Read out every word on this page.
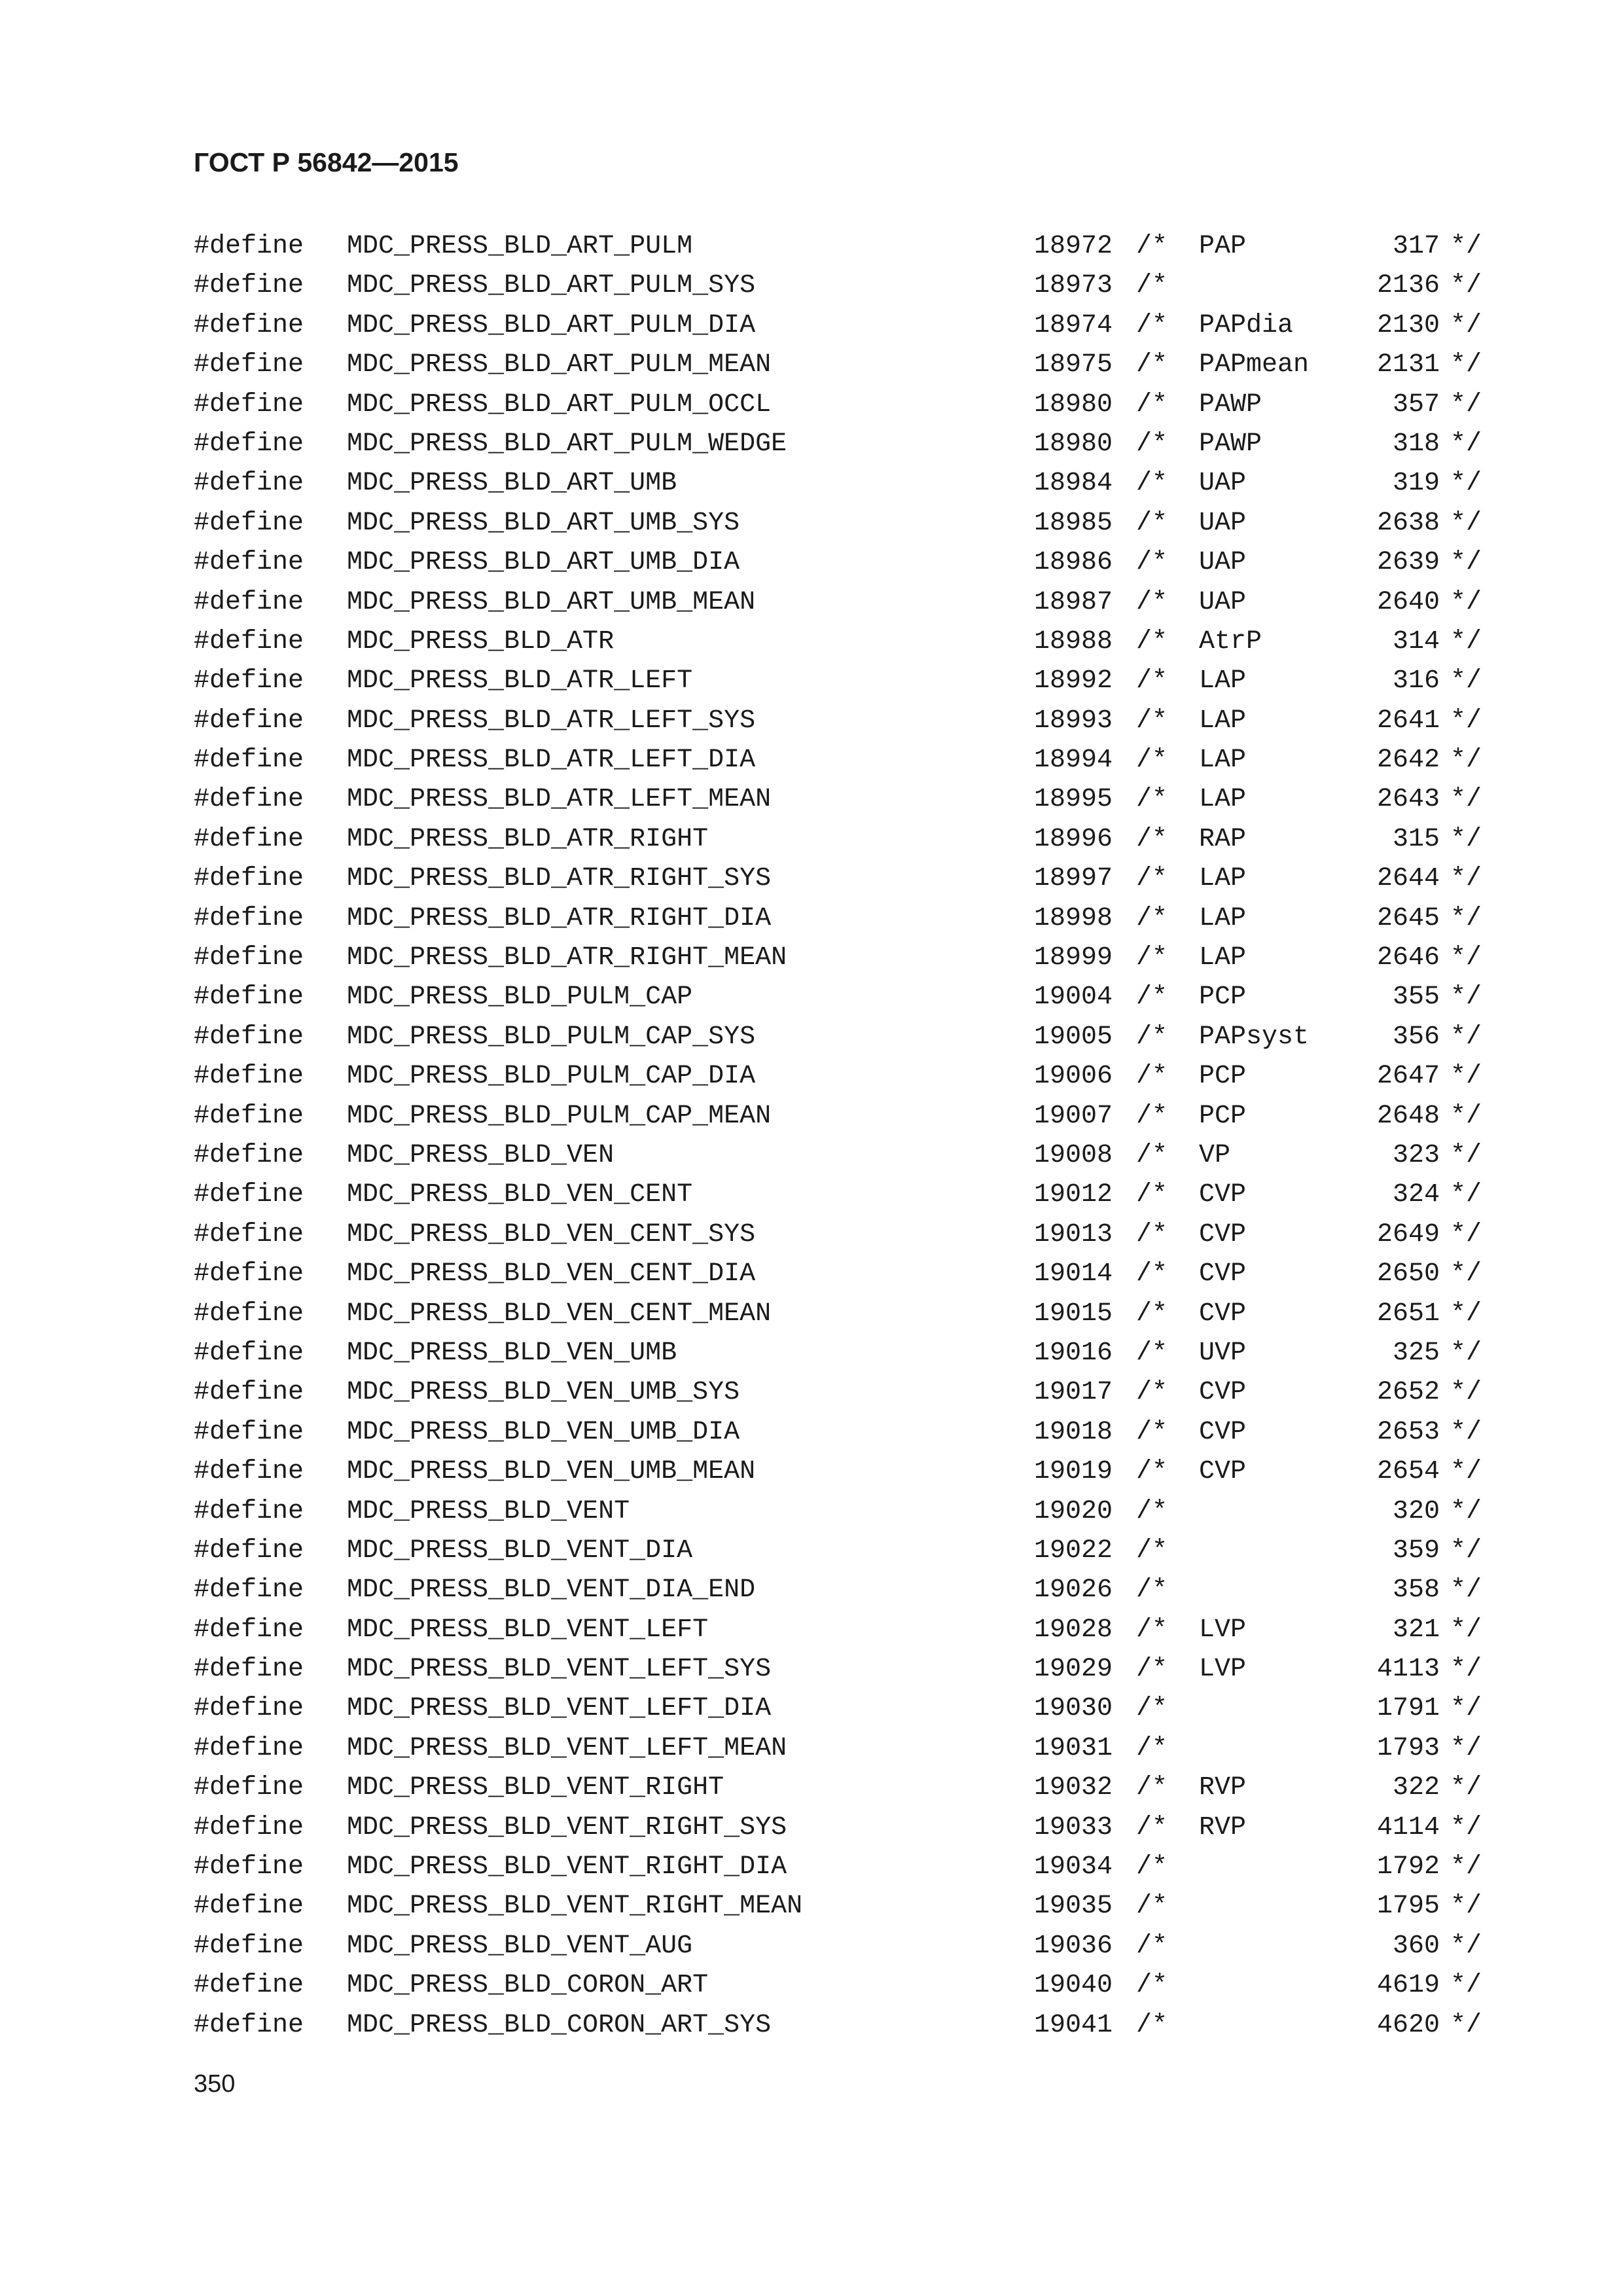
ГОСТ Р 56842—2015
#define MDC_PRESS_BLD_ART_PULM	18972 /* PAP	317 */
#define MDC_PRESS_BLD_ART_PULM_SYS	18973 /*	2136 */
#define MDC_PRESS_BLD_ART_PULM_DIA	18974 /* PAPdia	2130 */
#define MDC_PRESS_BLD_ART_PULM_MEAN	18975 /* PAPmean	2131 */
#define MDC_PRESS_BLD_ART_PULM_OCCL	18980 /* PAWP	357 */
#define MDC_PRESS_BLD_ART_PULM_WEDGE	18980 /* PAWP	318 */
#define MDC_PRESS_BLD_ART_UMB	18984 /* UAP	319 */
#define MDC_PRESS_BLD_ART_UMB_SYS	18985 /* UAP	2638 */
#define MDC_PRESS_BLD_ART_UMB_DIA	18986 /* UAP	2639 */
#define MDC_PRESS_BLD_ART_UMB_MEAN	18987 /* UAP	2640 */
#define MDC_PRESS_BLD_ATR	18988 /* AtrP	314 */
#define MDC_PRESS_BLD_ATR_LEFT	18992 /* LAP	316 */
#define MDC_PRESS_BLD_ATR_LEFT_SYS	18993 /* LAP	2641 */
#define MDC_PRESS_BLD_ATR_LEFT_DIA	18994 /* LAP	2642 */
#define MDC_PRESS_BLD_ATR_LEFT_MEAN	18995 /* LAP	2643 */
#define MDC_PRESS_BLD_ATR_RIGHT	18996 /* RAP	315 */
#define MDC_PRESS_BLD_ATR_RIGHT_SYS	18997 /* LAP	2644 */
#define MDC_PRESS_BLD_ATR_RIGHT_DIA	18998 /* LAP	2645 */
#define MDC_PRESS_BLD_ATR_RIGHT_MEAN	18999 /* LAP	2646 */
#define MDC_PRESS_BLD_PULM_CAP	19004 /* PCP	355 */
#define MDC_PRESS_BLD_PULM_CAP_SYS	19005 /* PAPsyst	356 */
#define MDC_PRESS_BLD_PULM_CAP_DIA	19006 /* PCP	2647 */
#define MDC_PRESS_BLD_PULM_CAP_MEAN	19007 /* PCP	2648 */
#define MDC_PRESS_BLD_VEN	19008 /* VP	323 */
#define MDC_PRESS_BLD_VEN_CENT	19012 /* CVP	324 */
#define MDC_PRESS_BLD_VEN_CENT_SYS	19013 /* CVP	2649 */
#define MDC_PRESS_BLD_VEN_CENT_DIA	19014 /* CVP	2650 */
#define MDC_PRESS_BLD_VEN_CENT_MEAN	19015 /* CVP	2651 */
#define MDC_PRESS_BLD_VEN_UMB	19016 /* UVP	325 */
#define MDC_PRESS_BLD_VEN_UMB_SYS	19017 /* CVP	2652 */
#define MDC_PRESS_BLD_VEN_UMB_DIA	19018 /* CVP	2653 */
#define MDC_PRESS_BLD_VEN_UMB_MEAN	19019 /* CVP	2654 */
#define MDC_PRESS_BLD_VENT	19020 /*	320 */
#define MDC_PRESS_BLD_VENT_DIA	19022 /*	359 */
#define MDC_PRESS_BLD_VENT_DIA_END	19026 /*	358 */
#define MDC_PRESS_BLD_VENT_LEFT	19028 /* LVP	321 */
#define MDC_PRESS_BLD_VENT_LEFT_SYS	19029 /* LVP	4113 */
#define MDC_PRESS_BLD_VENT_LEFT_DIA	19030 /*	1791 */
#define MDC_PRESS_BLD_VENT_LEFT_MEAN	19031 /*	1793 */
#define MDC_PRESS_BLD_VENT_RIGHT	19032 /* RVP	322 */
#define MDC_PRESS_BLD_VENT_RIGHT_SYS	19033 /* RVP	4114 */
#define MDC_PRESS_BLD_VENT_RIGHT_DIA	19034 /*	1792 */
#define MDC_PRESS_BLD_VENT_RIGHT_MEAN	19035 /*	1795 */
#define MDC_PRESS_BLD_VENT_AUG	19036 /*	360 */
#define MDC_PRESS_BLD_CORON_ART	19040 /*	4619 */
#define MDC_PRESS_BLD_CORON_ART_SYS	19041 /*	4620 */
350
